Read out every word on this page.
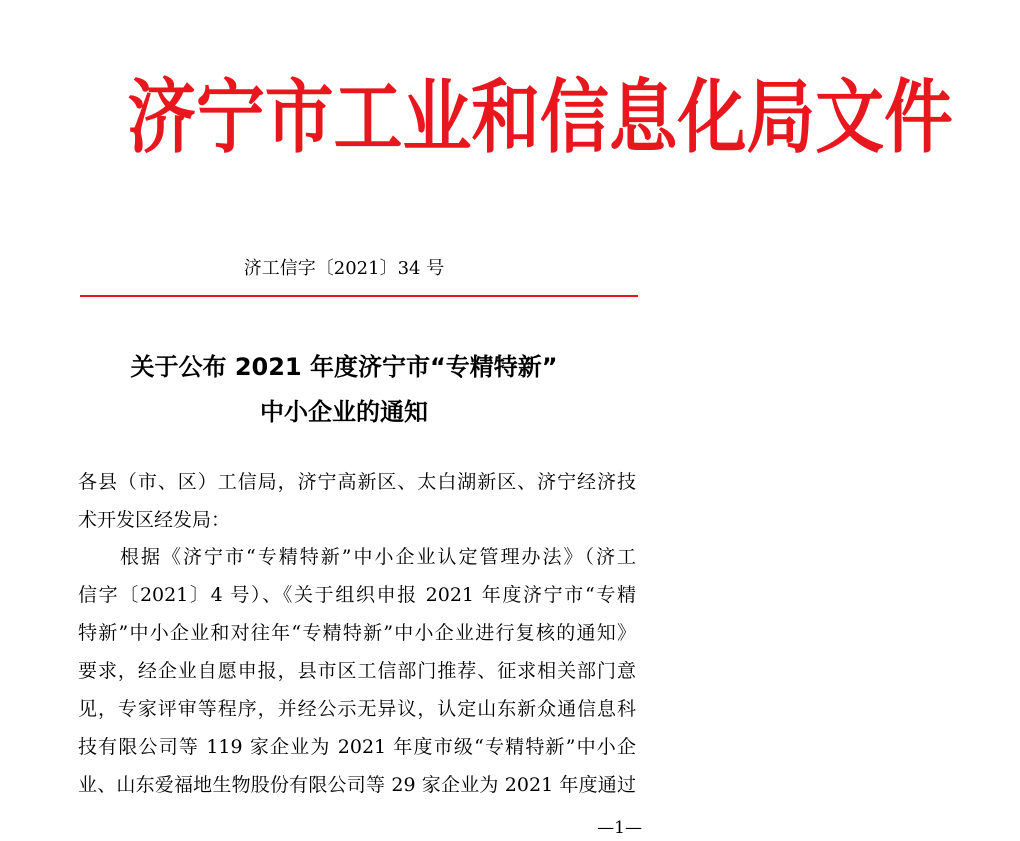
济宁市工业和信息化局文件
济工信字〔2021〕34 号
关于公布 2021 年度济宁市“专精特新”
中小企业的通知
各县（市、区）工信局，济宁高新区、太白湖新区、济宁经济技
术开发区经发局：
　　根据《济宁市“专精特新”中小企业认定管理办法》（济工
信字〔2021〕4 号）、《关于组织申报 2021 年度济宁市“专精
特新”中小企业和对往年“专精特新”中小企业进行复核的通知》
要求，经企业自愿申报，县市区工信部门推荐、征求相关部门意
见，专家评审等程序，并经公示无异议，认定山东新众通信息科
技有限公司等 119 家企业为 2021 年度市级“专精特新”中小企
业、山东爱福地生物股份有限公司等 29 家企业为 2021 年度通过
—1—
